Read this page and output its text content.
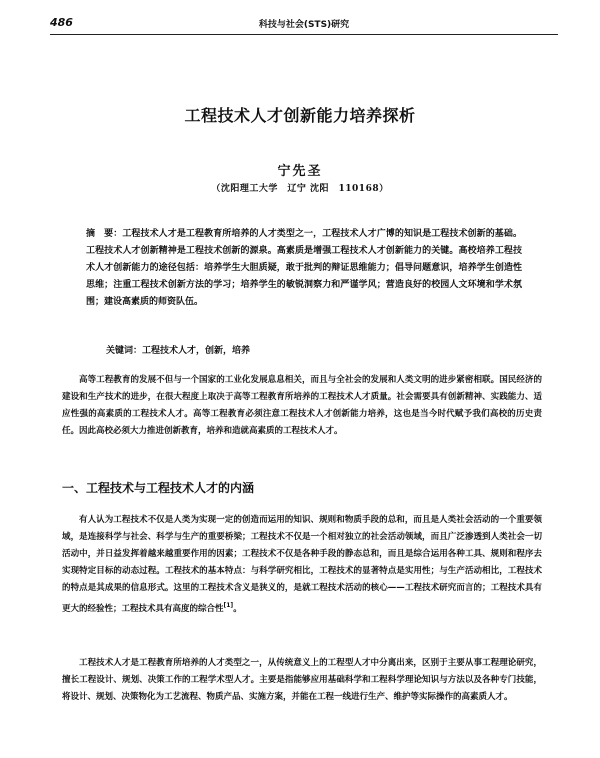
486	科技与社会(STS)研究
工程技术人才创新能力培养探析
宁先圣
（沈阳理工大学　辽宁 沈阳　110168）
摘　要：工程技术人才是工程教育所培养的人才类型之一，工程技术人才广博的知识是工程技术创新的基础。工程技术人才创新精神是工程技术创新的源泉。高素质是增强工程技术人才创新能力的关键。高校培养工程技术人才创新能力的途径包括：培养学生大胆质疑，敢于批判的辩证思维能力；倡导问题意识，培养学生创造性思维；注重工程技术创新方法的学习；培养学生的敏锐洞察力和严谨学风；营造良好的校园人文环境和学术氛围；建设高素质的师资队伍。
关键词：工程技术人才，创新，培养

高等工程教育的发展不但与一个国家的工业化发展息息相关，而且与全社会的发展和人类文明的进步紧密相联。国民经济的建设和生产技术的进步，在很大程度上取决于高等工程教育所培养的工程技术人才质量。社会需要具有创新精神、实践能力、适应性强的高素质的工程技术人才。高等工程教育必须注意工程技术人才创新能力培养，这也是当今时代赋予我们高校的历史责任。因此高校必须大力推进创新教育，培养和造就高素质的工程技术人才。

一、工程技术与工程技术人才的内涵

有人认为工程技术不仅是人类为实现一定的创造而运用的知识、规则和物质手段的总和，而且是人类社会活动的一个重要领域，是连接科学与社会、科学与生产的重要桥梁；工程技术不仅是一个相对独立的社会活动领域，而且广泛渗透到人类社会一切活动中，并日益发挥着越来越重要作用的因素；工程技术不仅是各种手段的静态总和，而且是综合运用各种工具、规则和程序去实现特定目标的动态过程。工程技术的基本特点：与科学研究相比，工程技术的显著特点是实用性；与生产活动相比，工程技术的特点是其成果的信息形式。这里的工程技术含义是狭义的，是就工程技术活动的核心——工程技术研究而言的；工程技术具有更大的经验性；工程技术具有高度的综合性[1]。

工程技术人才是工程教育所培养的人才类型之一，从传统意义上的工程型人才中分离出来，区别于主要从事工程理论研究，擅长工程设计、规划、决策工作的工程学术型人才。主要是指能够应用基础科学和工程科学理论知识与方法以及各种专门技能，将设计、规划、决策物化为工艺流程、物质产品、实施方案，并能在工程一线进行生产、维护等实际操作的高素质人才。
